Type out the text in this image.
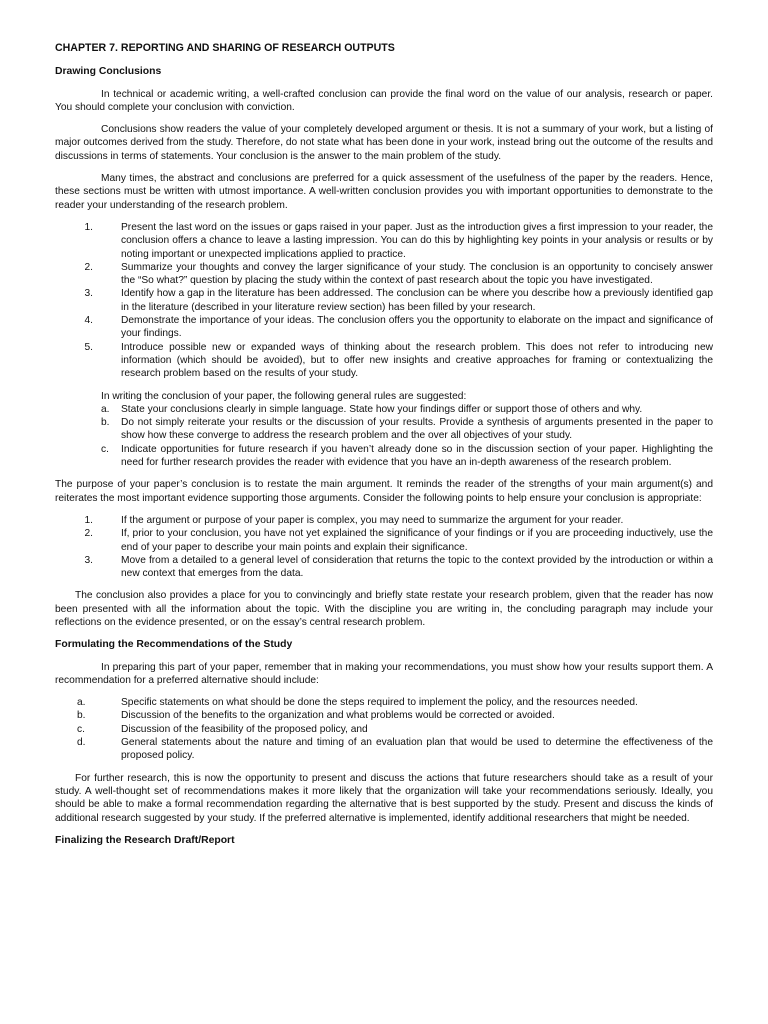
CHAPTER 7. REPORTING AND SHARING OF RESEARCH OUTPUTS
Drawing Conclusions

In technical or academic writing, a well-crafted conclusion can provide the final word on the value of our analysis, research or paper. You should complete your conclusion with conviction.

Conclusions show readers the value of your completely developed argument or thesis. It is not a summary of your work, but a listing of major outcomes derived from the study. Therefore, do not state what has been done in your work, instead bring out the outcome of the results and discussions in terms of statements. Your conclusion is the answer to the main problem of the study.

Many times, the abstract and conclusions are preferred for a quick assessment of the usefulness of the paper by the readers. Hence, these sections must be written with utmost importance. A well-written conclusion provides you with important opportunities to demonstrate to the reader your understanding of the research problem.

1.	Present the last word on the issues or gaps raised in your paper. Just as the introduction gives a first impression to your reader, the conclusion offers a chance to leave a lasting impression. You can do this by highlighting key points in your analysis or results or by noting important or unexpected implications applied to practice.
2.	Summarize your thoughts and convey the larger significance of your study. The conclusion is an opportunity to concisely answer the “So what?” question by placing the study within the context of past research about the topic you have investigated.
3.	Identify how a gap in the literature has been addressed. The conclusion can be where you describe how a previously identified gap in the literature (described in your literature review section) has been filled by your research.
4.	Demonstrate the importance of your ideas. The conclusion offers you the opportunity to elaborate on the impact and significance of your findings.
5.	Introduce possible new or expanded ways of thinking about the research problem. This does not refer to introducing new information (which should be avoided), but to offer new insights and creative approaches for framing or contextualizing the research problem based on the results of your study.

In writing the conclusion of your paper, the following general rules are suggested:

a.	State your conclusions clearly in simple language. State how your findings differ or support those of others and why.
b.	Do not simply reiterate your results or the discussion of your results. Provide a synthesis of arguments presented in the paper to show how these converge to address the research problem and the over all objectives of your study.
c.	Indicate opportunities for future research if you haven’t already done so in the discussion section of your paper. Highlighting the need for further research provides the reader with evidence that you have an in-depth awareness of the research problem.

The purpose of your paper’s conclusion is to restate the main argument. It reminds the reader of the strengths of your main argument(s) and reiterates the most important evidence supporting those arguments. Consider the following points to help ensure your conclusion is appropriate:

1.	If the argument or purpose of your paper is complex, you may need to summarize the argument for your reader.
2.	If, prior to your conclusion, you have not yet explained the significance of your findings or if you are proceeding inductively, use the end of your paper to describe your main points and explain their significance.
3.	Move from a detailed to a general level of consideration that returns the topic to the context provided by the introduction or within a new context that emerges from the data.

The conclusion also provides a place for you to convincingly and briefly state restate your research problem, given that the reader has now been presented with all the information about the topic. With the discipline you are writing in, the concluding paragraph may include your reflections on the evidence presented, or on the essay’s central research problem.

Formulating the Recommendations of the Study

In preparing this part of your paper, remember that in making your recommendations, you must show how your results support them. A recommendation for a preferred alternative should include:

a.	Specific statements on what should be done the steps required to implement the policy, and the resources needed.
b.	Discussion of the benefits to the organization and what problems would be corrected or avoided.
c.	Discussion of the feasibility of the proposed policy, and
d.	General statements about the nature and timing of an evaluation plan that would be used to determine the effectiveness of the proposed policy.

For further research, this is now the opportunity to present and discuss the actions that future researchers should take as a result of your study. A well-thought set of recommendations makes it more likely that the organization will take your recommendations seriously. Ideally, you should be able to make a formal recommendation regarding the alternative that is best supported by the study. Present and discuss the kinds of additional research suggested by your study. If the preferred alternative is implemented, identify additional researchers that might be needed.

Finalizing the Research Draft/Report
